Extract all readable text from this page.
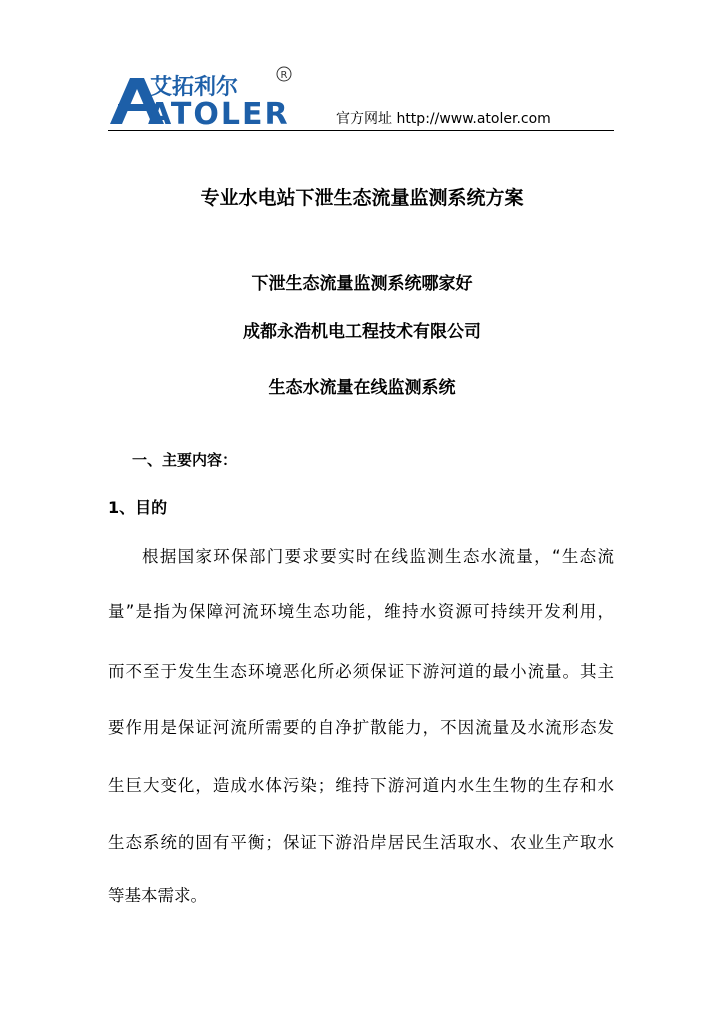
艾拓利尔
ATOLER
R
官方网址 http://www.atoler.com
专业水电站下泄生态流量监测系统方案
下泄生态流量监测系统哪家好
成都永浩机电工程技术有限公司
生态水流量在线监测系统
一、主要内容：
1、目的
根据国家环保部门要求要实时在线监测生态水流量，“生态流
量”是指为保障河流环境生态功能，维持水资源可持续开发利用，
而不至于发生生态环境恶化所必须保证下游河道的最小流量。其主
要作用是保证河流所需要的自净扩散能力，不因流量及水流形态发
生巨大变化，造成水体污染；维持下游河道内水生生物的生存和水
生态系统的固有平衡；保证下游沿岸居民生活取水、农业生产取水
等基本需求。
